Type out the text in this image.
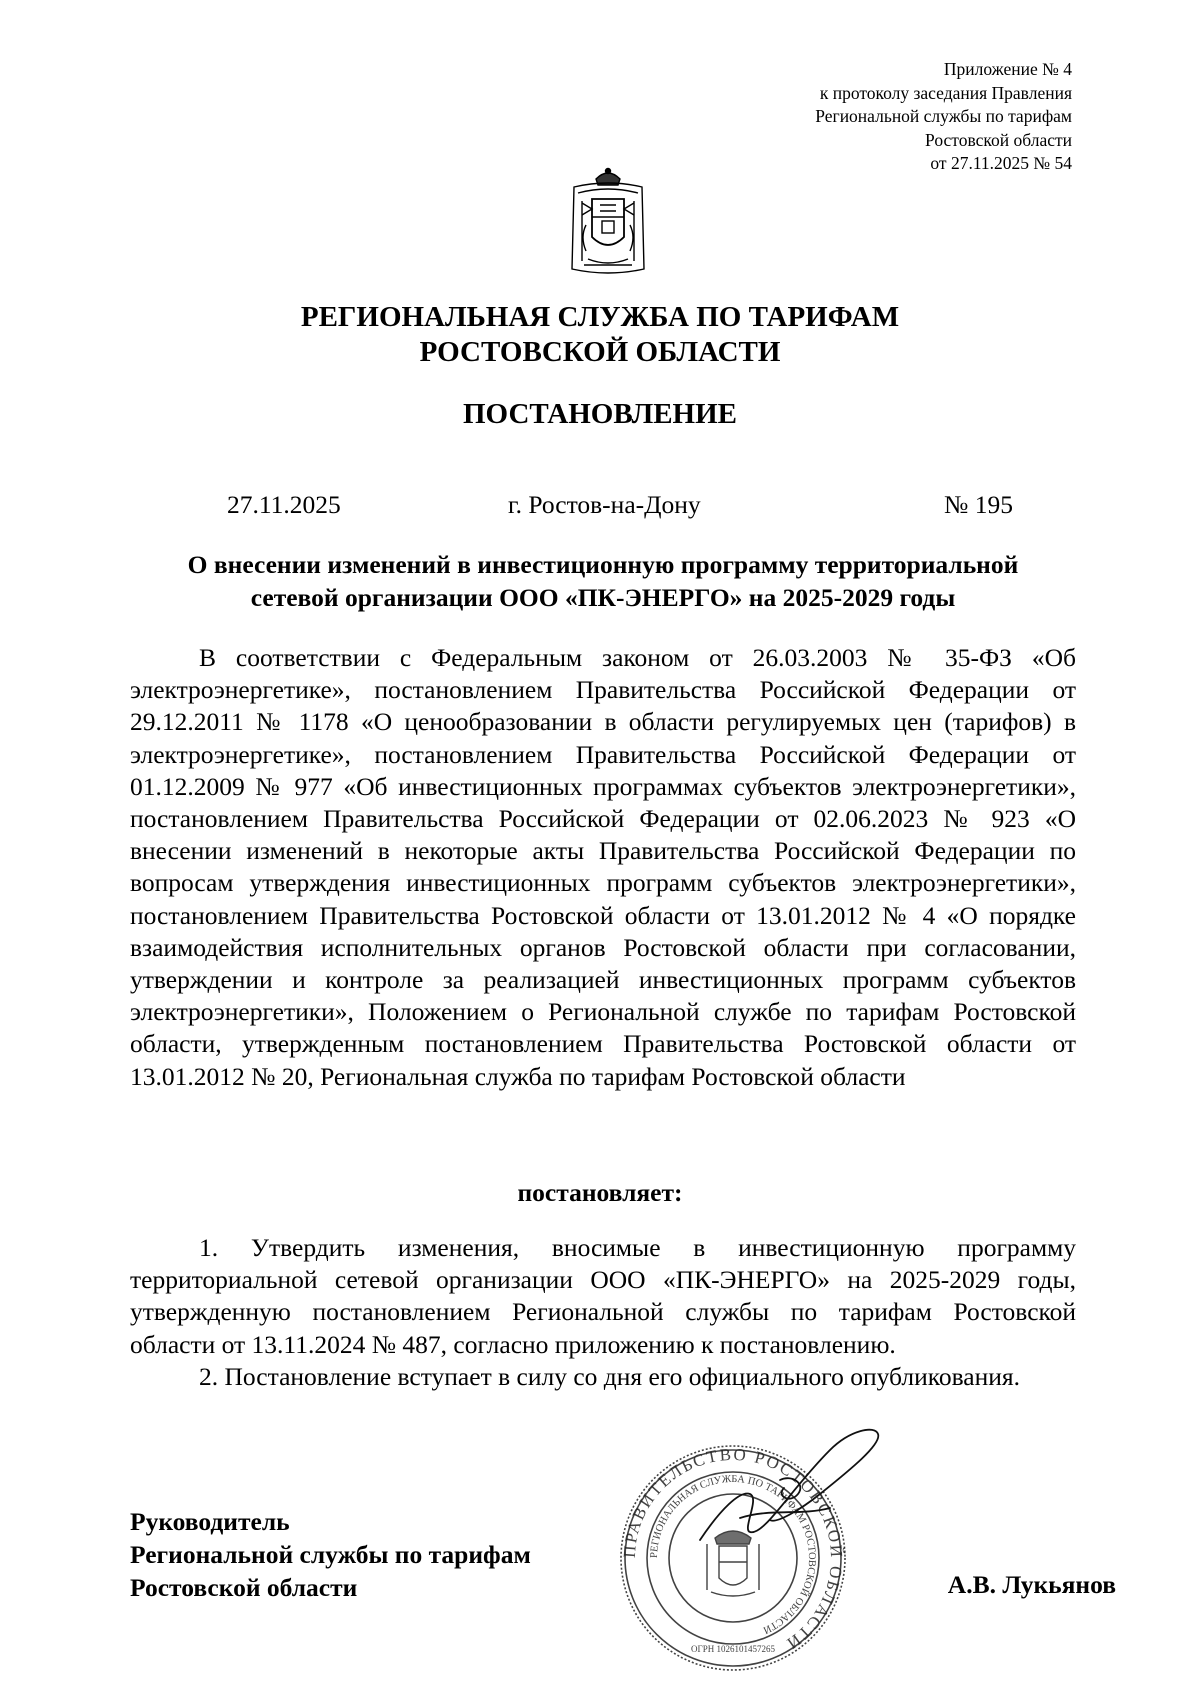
Приложение № 4
к протоколу заседания Правления
Региональной службы по тарифам
Ростовской области
от 27.11.2025 № 54
РЕГИОНАЛЬНАЯ СЛУЖБА ПО ТАРИФАМ
РОСТОВСКОЙ ОБЛАСТИ
ПОСТАНОВЛЕНИЕ
27.11.2025	г. Ростов-на-Дону	№ 195
О внесении изменений в инвестиционную программу территориальной
сетевой организации ООО «ПК-ЭНЕРГО» на 2025-2029 годы

В соответствии с Федеральным законом от 26.03.2003 № 35-ФЗ «Об электроэнергетике», постановлением Правительства Российской Федерации от 29.12.2011 № 1178 «О ценообразовании в области регулируемых цен (тарифов) в электроэнергетике», постановлением Правительства Российской Федерации от 01.12.2009 № 977 «Об инвестиционных программах субъектов электроэнергетики», постановлением Правительства Российской Федерации от 02.06.2023 № 923 «О внесении изменений в некоторые акты Правительства Российской Федерации по вопросам утверждения инвестиционных программ субъектов электроэнергетики», постановлением Правительства Ростовской области от 13.01.2012 № 4 «О порядке взаимодействия исполнительных органов Ростовской области при согласовании, утверждении и контроле за реализацией инвестиционных программ субъектов электроэнергетики», Положением о Региональной службе по тарифам Ростовской области, утвержденным постановлением Правительства Ростовской области от 13.01.2012 № 20, Региональная служба по тарифам Ростовской области

постановляет:

1. Утвердить изменения, вносимые в инвестиционную программу территориальной сетевой организации ООО «ПК-ЭНЕРГО» на 2025-2029 годы, утвержденную постановлением Региональной службы по тарифам Ростовской области от 13.11.2024 № 487, согласно приложению к постановлению.

2. Постановление вступает в силу со дня его официального опубликования.

Руководитель
Региональной службы по тарифам
Ростовской области
ПРАВИТЕЛЬСТВО РОСТОВСКОЙ ОБЛАСТИ
РЕГИОНАЛЬНАЯ СЛУЖБА ПО ТАРИФАМ РОСТОВСКОЙ ОБЛАСТИ
ОГРН 1026101457265
А.В. Лукьянов
